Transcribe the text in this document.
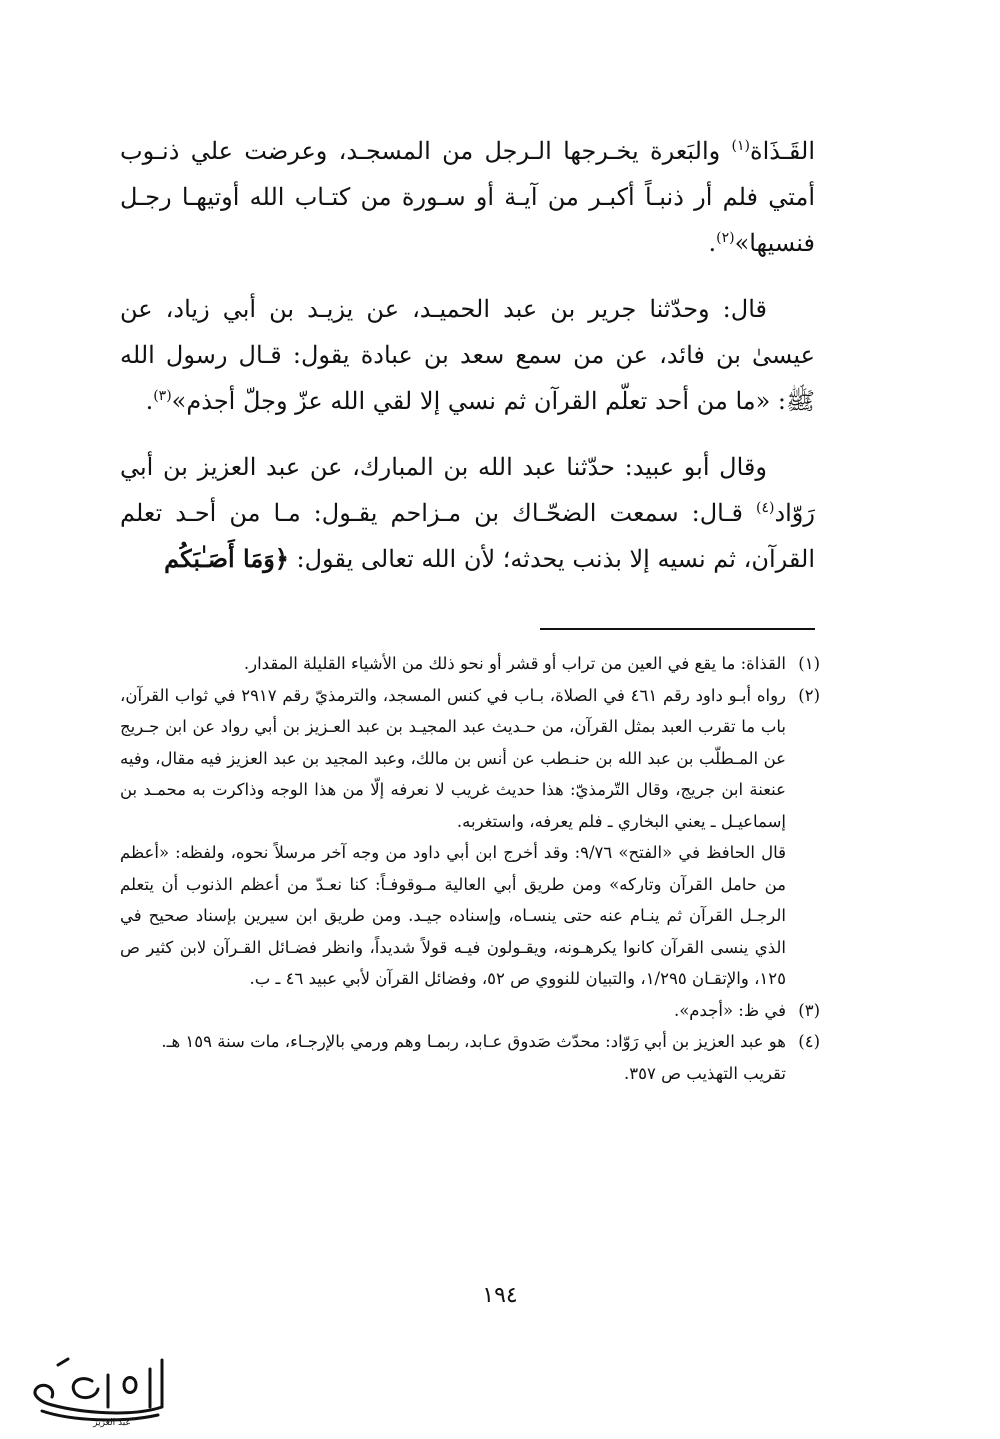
القَـذَاة$^{(١)}$ والبَعرة يخـرجها الـرجل من المسجـد، وعرضت علي ذنـوب أمتي فلم أر ذنبـاً أكبـر من آيـة أو سـورة من كتـاب الله أوتيهـا رجـل فنسيها»$^{(٢)}$.

قال: وحدّثنا جرير بن عبد الحميـد، عن يزيـد بن أبي زياد، عن عيسىٰ بن فائد، عن من سمع سعد بن عبادة يقول: قـال رسول الله ﷺ: «ما من أحد تعلّم القرآن ثم نسي إلا لقي الله عزّ وجلّ أجذم»$^{(٣)}$.

وقال أبو عبيد: حدّثنا عبد الله بن المبارك، عن عبد العزيز بن أبي رَوّاد$^{(٤)}$ قـال: سمعت الضحّـاك بن مـزاحم يقـول: مـا من أحـد تعلم القرآن، ثم نسيه إلا بذنب يحدثه؛ لأن الله تعالى يقول: ﴿وَمَا أَصَـٰبَكُم

(١)
القذاة: ما يقع في العين من تراب أو قشر أو نحو ذلك من الأشياء القليلة المقدار.
(٢)
رواه أبـو داود رقم ٤٦١ في الصلاة، بـاب في كنس المسجد، والترمذيّ رقم ٢٩١٧ في ثواب القرآن، باب ما تقرب العبد بمثل القرآن، من حـديث عبد المجيـد بن عبد العـزيز بن أبي رواد عن ابن جـريج عن المـطلّب بن عبد الله بن حنـطب عن أنس بن مالك، وعبد المجيد بن عبد العزيز فيه مقال، وفيه عنعنة ابن جريج، وقال التّرمذيّ: هذا حديث غريب لا نعرفه إلّا من هذا الوجه وذاكرت به محمـد بن إسماعيـل ـ يعني البخاري ـ فلم يعرفه، واستغربه.
قال الحافظ في «الفتح» ٩/٧٦: وقد أخرج ابن أبي داود من وجه آخر مرسلاً نحوه، ولفظه: «أعظم من حامل القرآن وتاركه» ومن طريق أبي العالية مـوقوفـاً: كنا نعـدّ من أعظم الذنوب أن يتعلم الرجـل القرآن ثم ينـام عنه حتى ينسـاه، وإسناده جيـد. ومن طريق ابن سيرين بإسناد صحيح في الذي ينسى القرآن كانوا يكرهـونه، ويقـولون فيـه قولاً شديداً، وانظر فضـائل القـرآن لابن كثير ص ١٢٥، والإتقـان ١/٢٩٥، والتبيان للنووي ص ٥٢، وفضائل القرآن لأبي عبيد ٤٦ ـ ب.
(٣)
في ظ: «أجدم».
(٤)
هو عبد العزيز بن أبي رَوّاد: محدّث صَدوق عـابد، ربمـا وهم ورمي بالإرجـاء، مات سنة ١٥٩ هـ.
تقريب التهذيب ص ٣٥٧.
١٩٤
عبد العزيز
